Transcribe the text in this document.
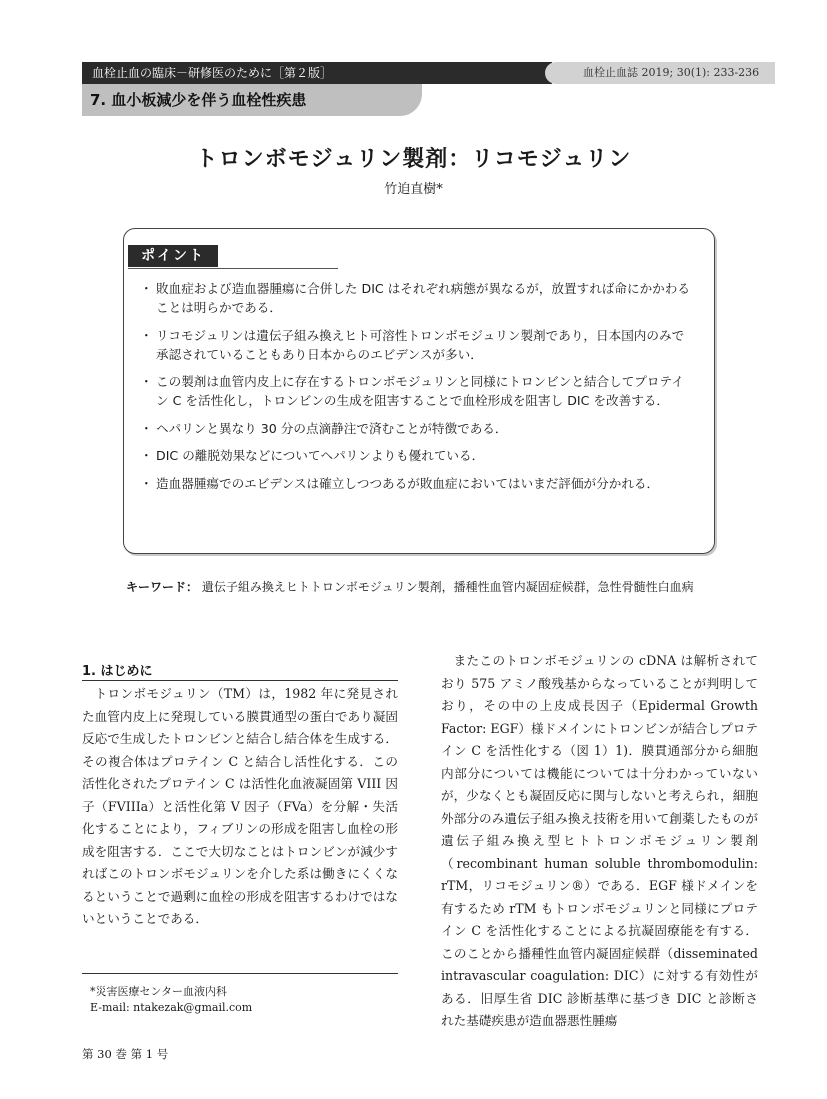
血栓止血の臨床－研修医のために［第２版］	血栓止血誌 2019; 30(1): 233-236
7. 血小板減少を伴う血栓性疾患
トロンボモジュリン製剤：リコモジュリン
竹迫直樹*
ポイント
・ 敗血症および造血器腫瘍に合併した DIC はそれぞれ病態が異なるが，放置すれば命にかかわることは明らかである．
・ リコモジュリンは遺伝子組み換えヒト可溶性トロンボモジュリン製剤であり，日本国内のみで承認されていることもあり日本からのエビデンスが多い．
・ この製剤は血管内皮上に存在するトロンボモジュリンと同様にトロンビンと結合してプロテイン C を活性化し，トロンビンの生成を阻害することで血栓形成を阻害し DIC を改善する．
・ ヘパリンと異なり 30 分の点滴静注で済むことが特徴である．
・ DIC の離脱効果などについてヘパリンよりも優れている．
・ 造血器腫瘍でのエビデンスは確立しつつあるが敗血症においてはいまだ評価が分かれる．
キーワード： 遺伝子組み換えヒトトロンボモジュリン製剤，播種性血管内凝固症候群，急性骨髄性白血病
1. はじめに

トロンボモジュリン（TM）は，1982 年に発見された血管内皮上に発現している膜貫通型の蛋白であり凝固反応で生成したトロンビンと結合し結合体を生成する．その複合体はプロテイン C と結合し活性化する．この活性化されたプロテイン C は活性化血液凝固第 VIII 因子（FVIIIa）と活性化第 V 因子（FVa）を分解・失活化することにより，フィブリンの形成を阻害し血栓の形成を阻害する．ここで大切なことはトロンビンが減少すればこのトロンボモジュリンを介した系は働きにくくなるということで過剰に血栓の形成を阻害するわけではないということである．

またこのトロンボモジュリンの cDNA は解析されており 575 アミノ酸残基からなっていることが判明しており，その中の上皮成長因子（Epidermal Growth Factor: EGF）様ドメインにトロンビンが結合しプロテイン C を活性化する（図 1）1)．膜貫通部分から細胞内部分については機能については十分わかっていないが，少なくとも凝固反応に関与しないと考えられ，細胞外部分のみ遺伝子組み換え技術を用いて創薬したものが遺伝子組み換え型ヒトトロンボモジュリン製剤（recombinant human soluble thrombomodulin: rTM，リコモジュリン®）である．EGF 様ドメインを有するため rTM もトロンボモジュリンと同様にプロテイン C を活性化することによる抗凝固療能を有する．このことから播種性血管内凝固症候群（disseminated intravascular coagulation: DIC）に対する有効性がある．旧厚生省 DIC 診断基準に基づき DIC と診断された基礎疾患が造血器悪性腫瘍

*災害医療センター血液内科
E-mail: ntakezak@gmail.com
第 30 巻 第 1 号
